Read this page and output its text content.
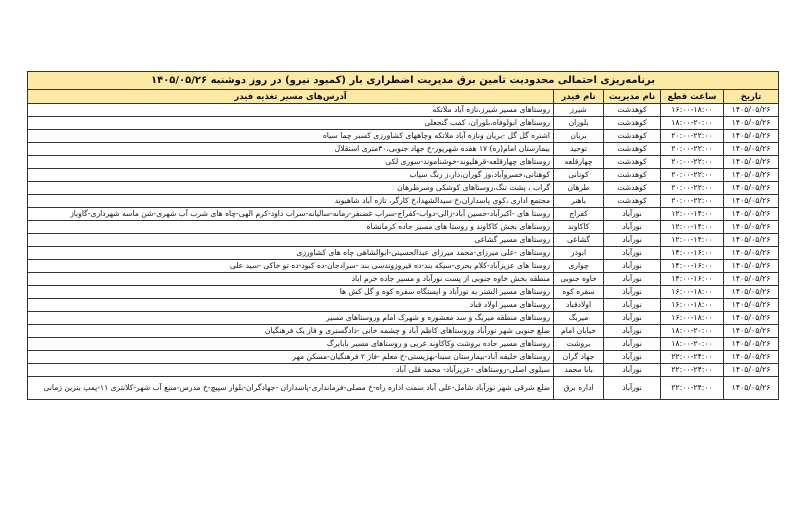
برنامه‌ریزی احتمالی محدودیت تامین برق مدیریت اضطراری بار (کمبود نیرو) در روز دوشنبه ۱۴۰۵/۰۵/۲۶				
تاریخ	ساعت قطع	نام مدیریت	نام فیدر	آدرس‌های مسیر تغذیه فیدر
۱۴۰۵/۰۵/۲۶	۱۶:۰۰-۱۸:۰۰	کوهدشت	شیرز	روستاهای مسیر شیرز،نازه آباد ملاتکه
۱۴۰۵/۰۵/۲۶	۱۸:۰۰-۲۰:۰۰	کوهدشت	بلوران	روستاهای ابولوفاه،بلوران، کمب گنجعلی
۱۴۰۵/۰۵/۲۶	۲۰:۰۰-۲۲:۰۰	کوهدشت	بریان	اشتره گل گل -بریان ونازه آباد ملاتکه وچاههای کشاورزی کسبر چما سیاه
۱۴۰۵/۰۵/۲۶	۲۰:۰۰-۲۲:۰۰	کوهدشت	توحید	بیمارستان امام(ره) ۱۷ هفده شهریور-خ جهاد جنوبی،۳۰متری استقلال
۱۴۰۵/۰۵/۲۶	۲۰:۰۰-۲۲:۰۰	کوهدشت	چهارقلعه	روستاهای چهارقلعه-قرهلیوند-خوشناموند-سوری لکی
۱۴۰۵/۰۵/۲۶	۲۰:۰۰-۲۲:۰۰	کوهدشت	کونانی	کوهنانی،خسروآباد،وز گوران،دار،ز رنگ سیاب
۱۴۰۵/۰۵/۲۶	۲۰:۰۰-۲۲:۰۰	کوهدشت	طرهان	گراب ، پشت تنگ،روستاهای کوشکی وسرطرهان
۱۴۰۵/۰۵/۲۶	۲۰:۰۰-۲۲:۰۰	کوهدشت	باهنر	مجتمع اداری ،کوی پاسداران،خ سیدالشهدا،خ کارگر، تازه آباد شاهیوند
۱۴۰۵/۰۵/۲۶	۱۲:۰۰-۱۴:۰۰	نورآباد	کفراج	روستا های -اکبرآباد-حسین آباد-زالی-دواب-کفراج-سراب غضنفر-رمانه-سالیانه-سراب داود-کرم الهی-چاه های شرب آب شهری-شن ماسه شهرداری-گاوباز
۱۴۰۵/۰۵/۲۶	۱۲:۰۰-۱۴:۰۰	نورآباد	کاکاوند	روستاهای بخش کاکاوند و روستا های مسیر جاده کرمانشاه
۱۴۰۵/۰۵/۲۶	۱۲:۰۰-۱۴:۰۰	نورآباد	گشاغی	روستاهای مسیر گشاغی
۱۴۰۵/۰۵/۲۶	۱۴:۰۰-۱۶:۰۰	نورآباد	ابوذر	روستاهای -علی میرزای-محمد میرزای عبدالحسینی-ابوالشاهی چاه های کشاورزی
۱۴۰۵/۰۵/۲۶	۱۴:۰۰-۱۶:۰۰	نورآباد	چواری	روستا های عزیزآباد-کلام بحری-سیکه بند-ده فیروزوندسی بند -سرادجان-ده کبود-ده تو خاکی -سید علی
۱۴۰۵/۰۵/۲۶	۱۴:۰۰-۱۶:۰۰	نورآباد	خاوه جنوبی	منطقه بخش خاوه جنوبی از پست نورآباد و مسیر جاده خرم اباد
۱۴۰۵/۰۵/۲۶	۱۶:۰۰-۱۸:۰۰	نورآباد	سفره کوه	روستاهای مسیر الشتر به نورآباد و ایستگاه سفره کوه و گل کش ها
۱۴۰۵/۰۵/۲۶	۱۶:۰۰-۱۸:۰۰	نورآباد	اولادقباد	روستاهای مسیر اولاد قباد
۱۴۰۵/۰۵/۲۶	۱۶:۰۰-۱۸:۰۰	نورآباد	میربگ	روستاهای منطقه میربگ و سد معشوره و شهرک امام وروستاهای مسیر
۱۴۰۵/۰۵/۲۶	۱۸:۰۰-۲۰:۰۰	نورآباد	خیابان امام	ضلع جنوبی شهر نورآباد وروستاهای کاظم آباد و چشمه خانی -دادگستری و فاز یک فرهنگیان
۱۴۰۵/۰۵/۲۶	۱۸:۰۰-۲۰:۰۰	نورآباد	بروشت	روستاهای مسیر جاده بروشت وکاکاوند غربی و روستاهای مسیر بابایرگ
۱۴۰۵/۰۵/۲۶	۲۲:۰۰-۲۴:۰۰	نورآباد	جهاد گران	روستاهای خلیفه آباد-بیمارستان سینا-بهزیستی-خ معلم -فاز ۲ فرهنگیان-مسکن مهر
۱۴۰۵/۰۵/۲۶	۲۲:۰۰-۲۴:۰۰	نورآباد	بابا محمد	سیلوی اصلی-روستاهای -عزیزآباد- محمد قلی آباد
۱۴۰۵/۰۵/۲۶	۲۲:۰۰-۲۴:۰۰	نورآباد	اداره برق	ضلع شرقی شهر نورآباد شامل-علی آباد سمت اداره راه-خ مصلی-فرمانداری-پاسداران -جهادگران-بلوار سپیچ-خ مدرس-منبع آب شهر-کلانتری ۱۱-پمپ بنزین زمانی
